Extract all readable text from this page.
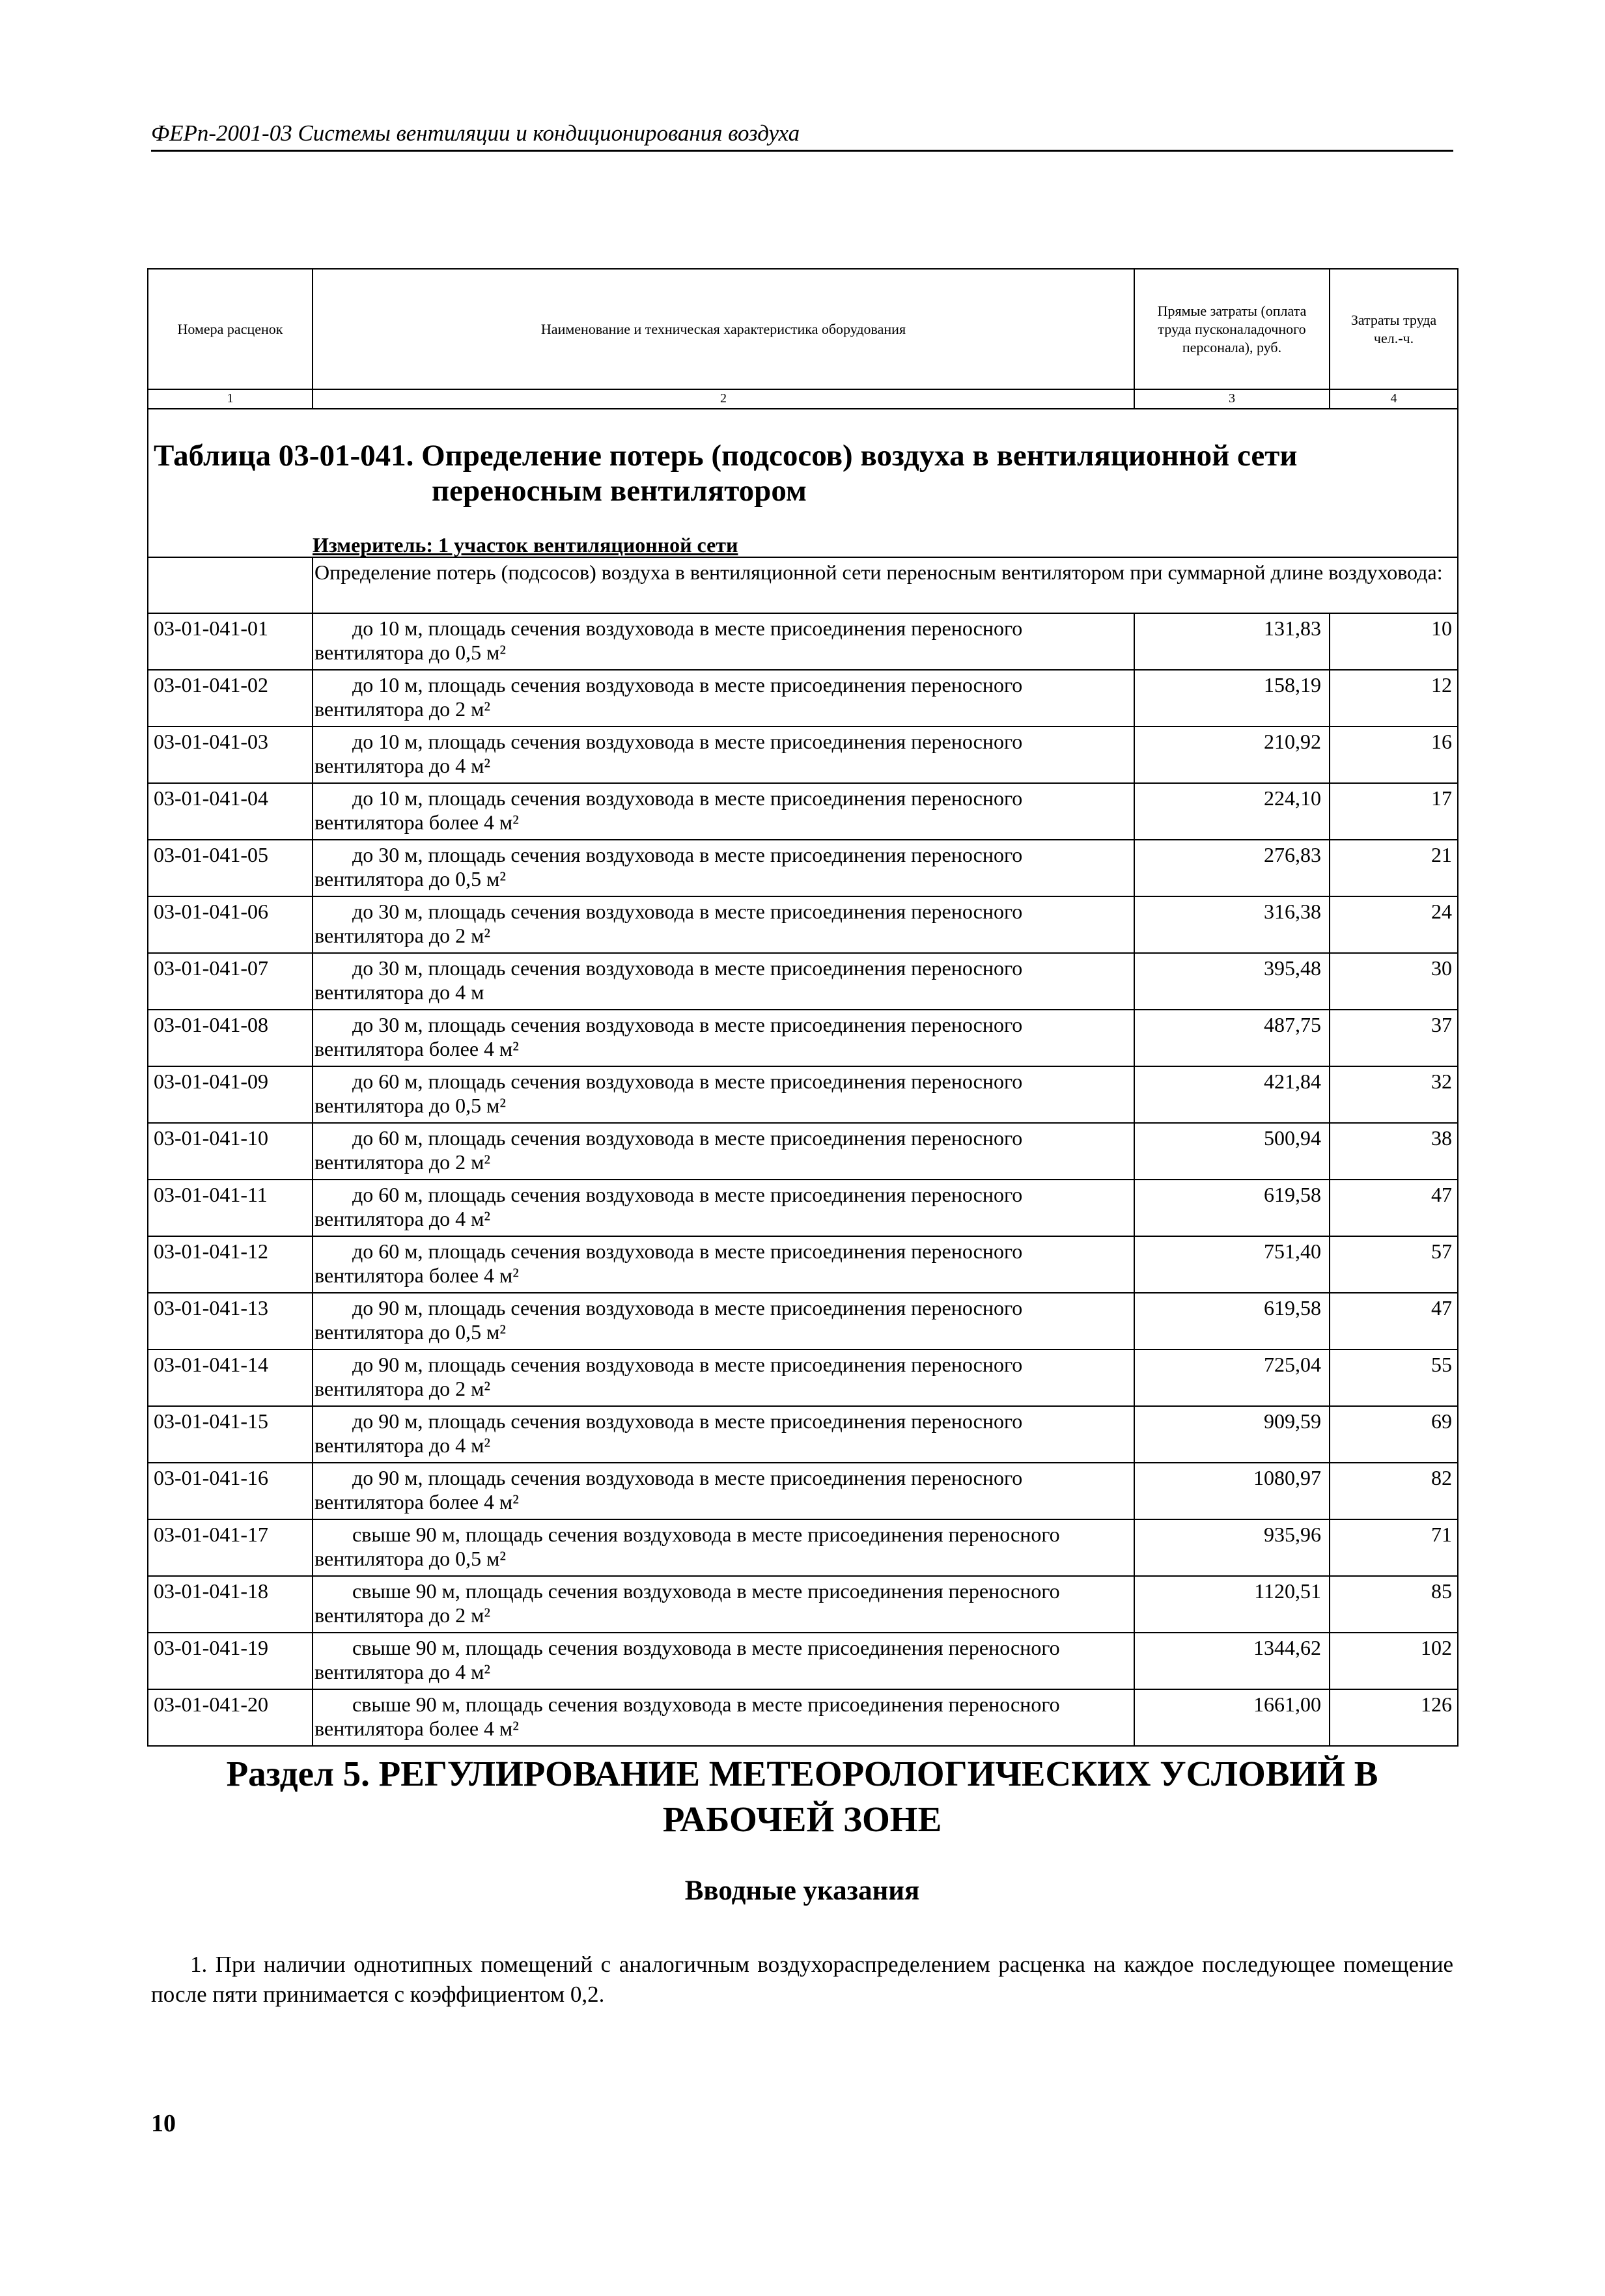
ФЕРп-2001-03 Системы вентиляции и кондиционирования воздуха
Номера расценок	Наименование и техническая характеристика оборудования	Прямые затраты (оплата труда пусконаладочного персонала), руб.	Затраты труда чел.-ч.

1	2	3	4

Таблица 03-01-041. Определение потерь (подсосов) воздуха в вентиляционной сети
переносным вентилятором			

Измеритель: 1 участок вентиляционной сети			

	Определение потерь (подсосов) воздуха в вентиляционной сети переносным вентилятором при суммарной длине воздуховода:		

03-01-041-01	до 10 м, площадь сечения воздуховода в месте присоединения переносного вентилятора до 0,5 м²	131,83	10
03-01-041-02	до 10 м, площадь сечения воздуховода в месте присоединения переносного вентилятора до 2 м²	158,19	12
03-01-041-03	до 10 м, площадь сечения воздуховода в месте присоединения переносного вентилятора до 4 м²	210,92	16
03-01-041-04	до 10 м, площадь сечения воздуховода в месте присоединения переносного вентилятора более 4 м²	224,10	17
03-01-041-05	до 30 м, площадь сечения воздуховода в месте присоединения переносного вентилятора до 0,5 м²	276,83	21
03-01-041-06	до 30 м, площадь сечения воздуховода в месте присоединения переносного вентилятора до 2 м²	316,38	24
03-01-041-07	до 30 м, площадь сечения воздуховода в месте присоединения переносного вентилятора до 4 м	395,48	30
03-01-041-08	до 30 м, площадь сечения воздуховода в месте присоединения переносного вентилятора более 4 м²	487,75	37
03-01-041-09	до 60 м, площадь сечения воздуховода в месте присоединения переносного вентилятора до 0,5 м²	421,84	32
03-01-041-10	до 60 м, площадь сечения воздуховода в месте присоединения переносного вентилятора до 2 м²	500,94	38
03-01-041-11	до 60 м, площадь сечения воздуховода в месте присоединения переносного вентилятора до 4 м²	619,58	47
03-01-041-12	до 60 м, площадь сечения воздуховода в месте присоединения переносного вентилятора более 4 м²	751,40	57
03-01-041-13	до 90 м, площадь сечения воздуховода в месте присоединения переносного вентилятора до 0,5 м²	619,58	47
03-01-041-14	до 90 м, площадь сечения воздуховода в месте присоединения переносного вентилятора до 2 м²	725,04	55
03-01-041-15	до 90 м, площадь сечения воздуховода в месте присоединения переносного вентилятора до 4 м²	909,59	69
03-01-041-16	до 90 м, площадь сечения воздуховода в месте присоединения переносного вентилятора более 4 м²	1080,97	82
03-01-041-17	свыше 90 м, площадь сечения воздуховода в месте присоединения переносного вентилятора до 0,5 м²	935,96	71
03-01-041-18	свыше 90 м, площадь сечения воздуховода в месте присоединения переносного вентилятора до 2 м²	1120,51	85
03-01-041-19	свыше 90 м, площадь сечения воздуховода в месте присоединения переносного вентилятора до 4 м²	1344,62	102
03-01-041-20	свыше 90 м, площадь сечения воздуховода в месте присоединения переносного вентилятора более 4 м²	1661,00	126
Раздел 5. РЕГУЛИРОВАНИЕ МЕТЕОРОЛОГИЧЕСКИХ УСЛОВИЙ В
РАБОЧЕЙ ЗОНЕ
Вводные указания
1. При наличии однотипных помещений с аналогичным воздухораспределением расценка на каждое последующее помещение после пяти принимается с коэффициентом 0,2.
10
